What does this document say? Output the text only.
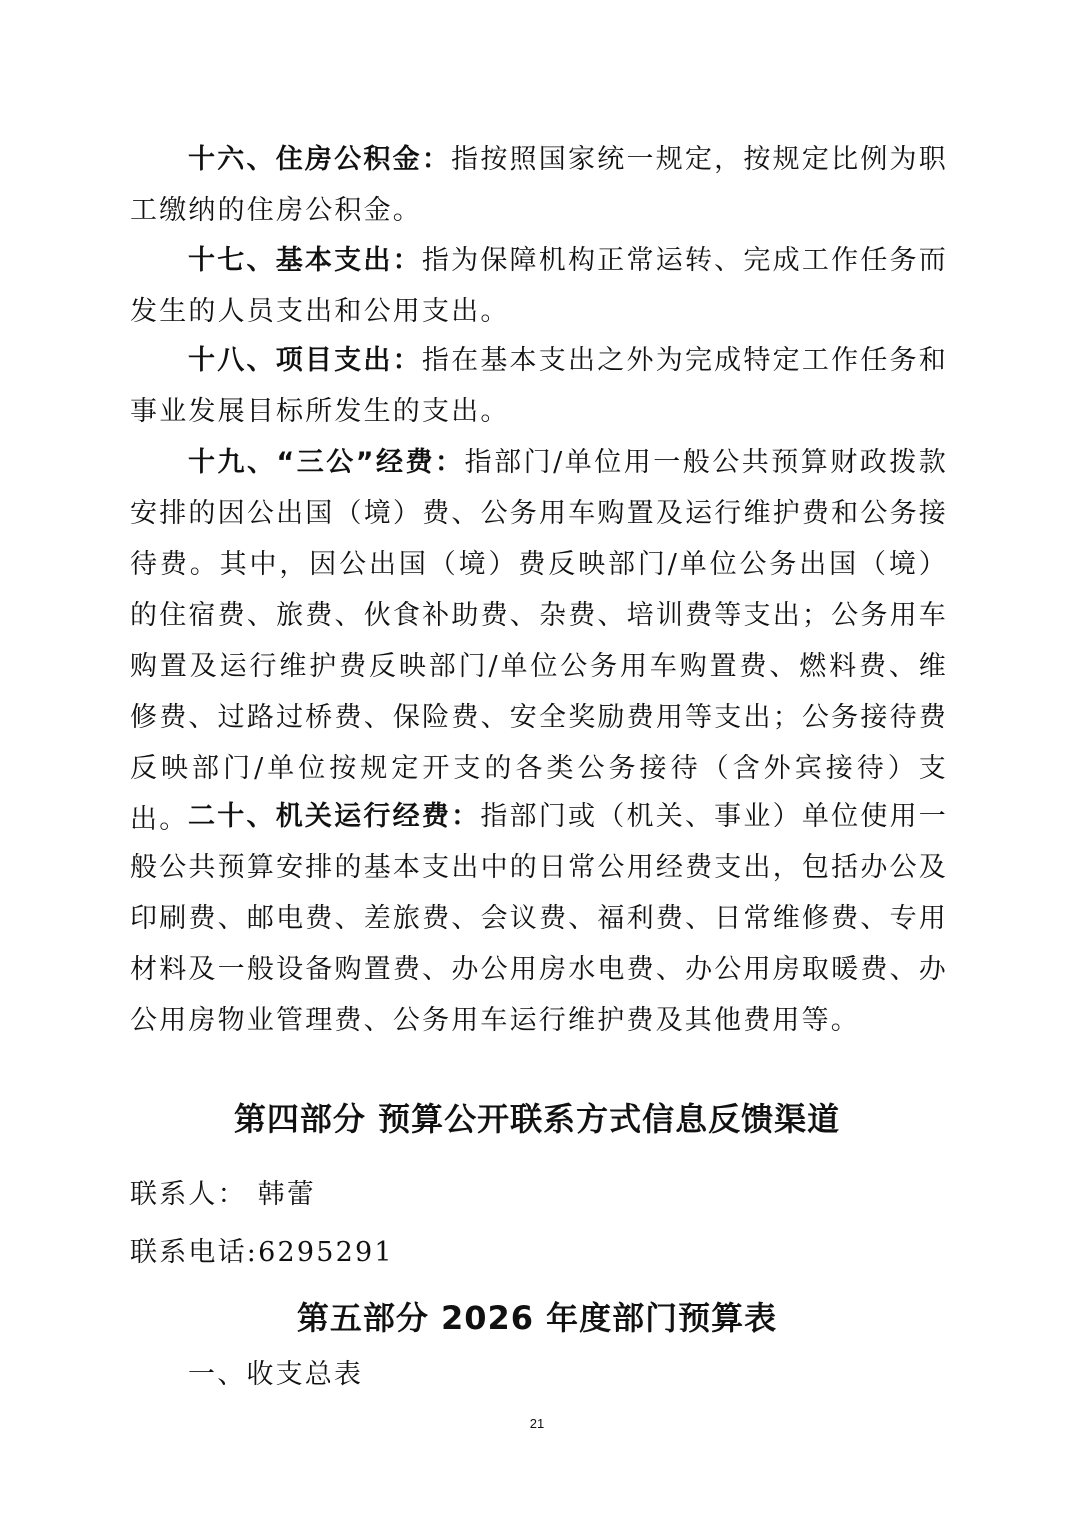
十六、住房公积金：指按照国家统一规定，按规定比例为职工缴纳的住房公积金。

十七、基本支出：指为保障机构正常运转、完成工作任务而发生的人员支出和公用支出。

十八、项目支出：指在基本支出之外为完成特定工作任务和事业发展目标所发生的支出。

十九、“三公”经费：指部门/单位用一般公共预算财政拨款安排的因公出国（境）费、公务用车购置及运行维护费和公务接待费。其中，因公出国（境）费反映部门/单位公务出国（境）的住宿费、旅费、伙食补助费、杂费、培训费等支出；公务用车购置及运行维护费反映部门/单位公务用车购置费、燃料费、维修费、过路过桥费、保险费、安全奖励费用等支出；公务接待费反映部门/单位按规定开支的各类公务接待（含外宾接待）支出。 二十、机关运行经费：指部门或（机关、事业）单位使用一般公共预算安排的基本支出中的日常公用经费支出，包括办公及印刷费、邮电费、差旅费、会议费、福利费、日常维修费、专用材料及一般设备购置费、办公用房水电费、办公用房取暖费、办公用房物业管理费、公务用车运行维护费及其他费用等。

第四部分 预算公开联系方式信息反馈渠道

联系人： 韩蕾

联系电话:6295291

第五部分 2026 年度部门预算表

一、收支总表

21
